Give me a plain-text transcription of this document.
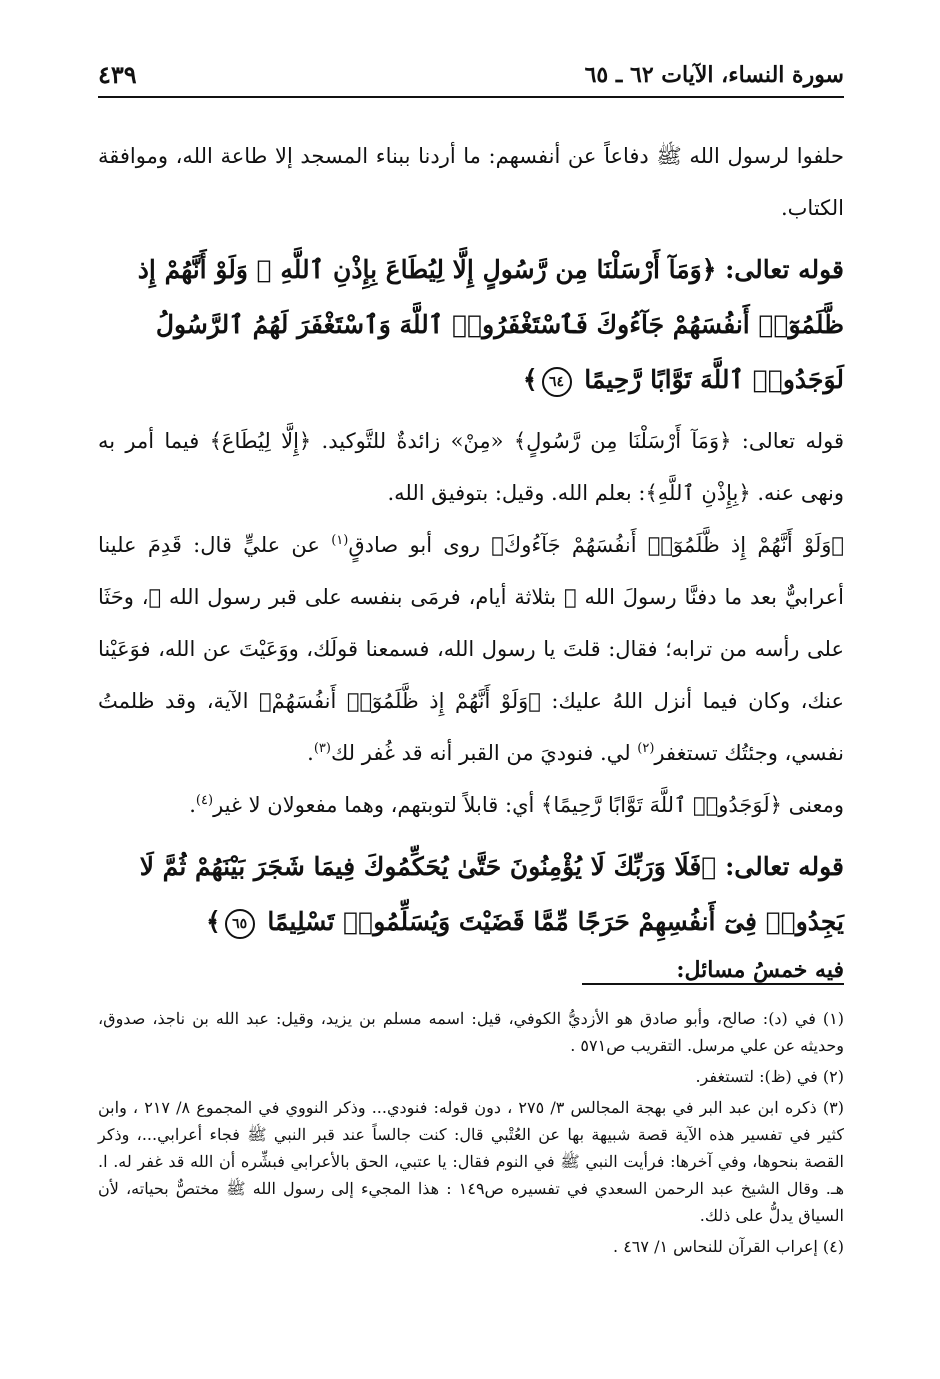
سورة النساء، الآيات ٦٢ ـ ٦٥
٤٣٩

حلفوا لرسول الله ﷺ دفاعاً عن أنفسهم: ما أردنا ببناء المسجد إلا طاعة الله، وموافقة الكتاب.

قوله تعالى: ﴿وَمَآ أَرْسَلْنَا مِن رَّسُولٍ إِلَّا لِيُطَاعَ بِإِذْنِ ٱللَّهِ ۚ وَلَوْ أَنَّهُمْ إِذ ظَّلَمُوٓا۟ أَنفُسَهُمْ جَآءُوكَ فَٱسْتَغْفَرُوا۟ ٱللَّهَ وَٱسْتَغْفَرَ لَهُمُ ٱلرَّسُولُ لَوَجَدُوا۟ ٱللَّهَ تَوَّابًا رَّحِيمًا ٦٤﴾

قوله تعالى: ﴿وَمَآ أَرْسَلْنَا مِن رَّسُولٍ﴾ «مِنْ» زائدةٌ للتَّوكيد. ﴿إِلَّا لِيُطَاعَ﴾ فيما أمر به ونهى عنه. ﴿بِإِذْنِ ٱللَّهِ﴾: بعلم الله. وقيل: بتوفيق الله.

﴿وَلَوْ أَنَّهُمْ إِذ ظَّلَمُوٓا۟ أَنفُسَهُمْ جَآءُوكَ﴾ روى أبو صادقٍ$^{(١)}$ عن عليٍّ قال: قَدِمَ علينا أعرابيٌّ بعد ما دفنَّا رسولَ الله ﷺ بثلاثة أيام، فرمَى بنفسه على قبر رسول الله ﷺ، وحَثَا على رأسه من ترابه؛ فقال: قلتَ يا رسول الله، فسمعنا قولَك، ووَعَيْتَ عن الله، فوَعَيْنا عنك، وكان فيما أنزل اللهُ عليك: ﴿وَلَوْ أَنَّهُمْ إِذ ظَّلَمُوٓا۟ أَنفُسَهُمْ﴾ الآية، وقد ظلمتُ نفسي، وجئتُك تستغفر$^{(٢)}$ لي. فنوديَ من القبر أنه قد غُفر لك$^{(٣)}$.

ومعنى ﴿لَوَجَدُوا۟ ٱللَّهَ تَوَّابًا رَّحِيمًا﴾ أي: قابلاً لتوبتهم، وهما مفعولان لا غير$^{(٤)}$.

قوله تعالى: ﴿فَلَا وَرَبِّكَ لَا يُؤْمِنُونَ حَتَّىٰ يُحَكِّمُوكَ فِيمَا شَجَرَ بَيْنَهُمْ ثُمَّ لَا يَجِدُوا۟ فِىٓ أَنفُسِهِمْ حَرَجًا مِّمَّا قَضَيْتَ وَيُسَلِّمُوا۟ تَسْلِيمًا ٦٥﴾

فيه خمسُ مسائل:

(١) في (د): صالح، وأبو صادق هو الأزديُّ الكوفي، قيل: اسمه مسلم بن يزيد، وقيل: عبد الله بن ناجذ، صدوق، وحديثه عن علي مرسل. التقريب ص٥٧١ .

(٢) في (ظ): لتستغفر.

(٣) ذكره ابن عبد البر في بهجة المجالس ٣/ ٢٧٥ ، دون قوله: فنودي... وذكر النووي في المجموع ٨/ ٢١٧ ، وابن كثير في تفسير هذه الآية قصة شبيهة بها عن العُتْبي قال: كنت جالساً عند قبر النبي ﷺ فجاء أعرابي...، وذكر القصة بنحوها، وفي آخرها: فرأيت النبي ﷺ في النوم فقال: يا عتبي، الحق بالأعرابي فبشِّره أن الله قد غفر له. ا. هـ. وقال الشيخ عبد الرحمن السعدي في تفسيره ص١٤٩ : هذا المجيء إلى رسول الله ﷺ مختصٌّ بحياته، لأن السياق يدلُّ على ذلك.

(٤) إعراب القرآن للنحاس ١/ ٤٦٧ .
